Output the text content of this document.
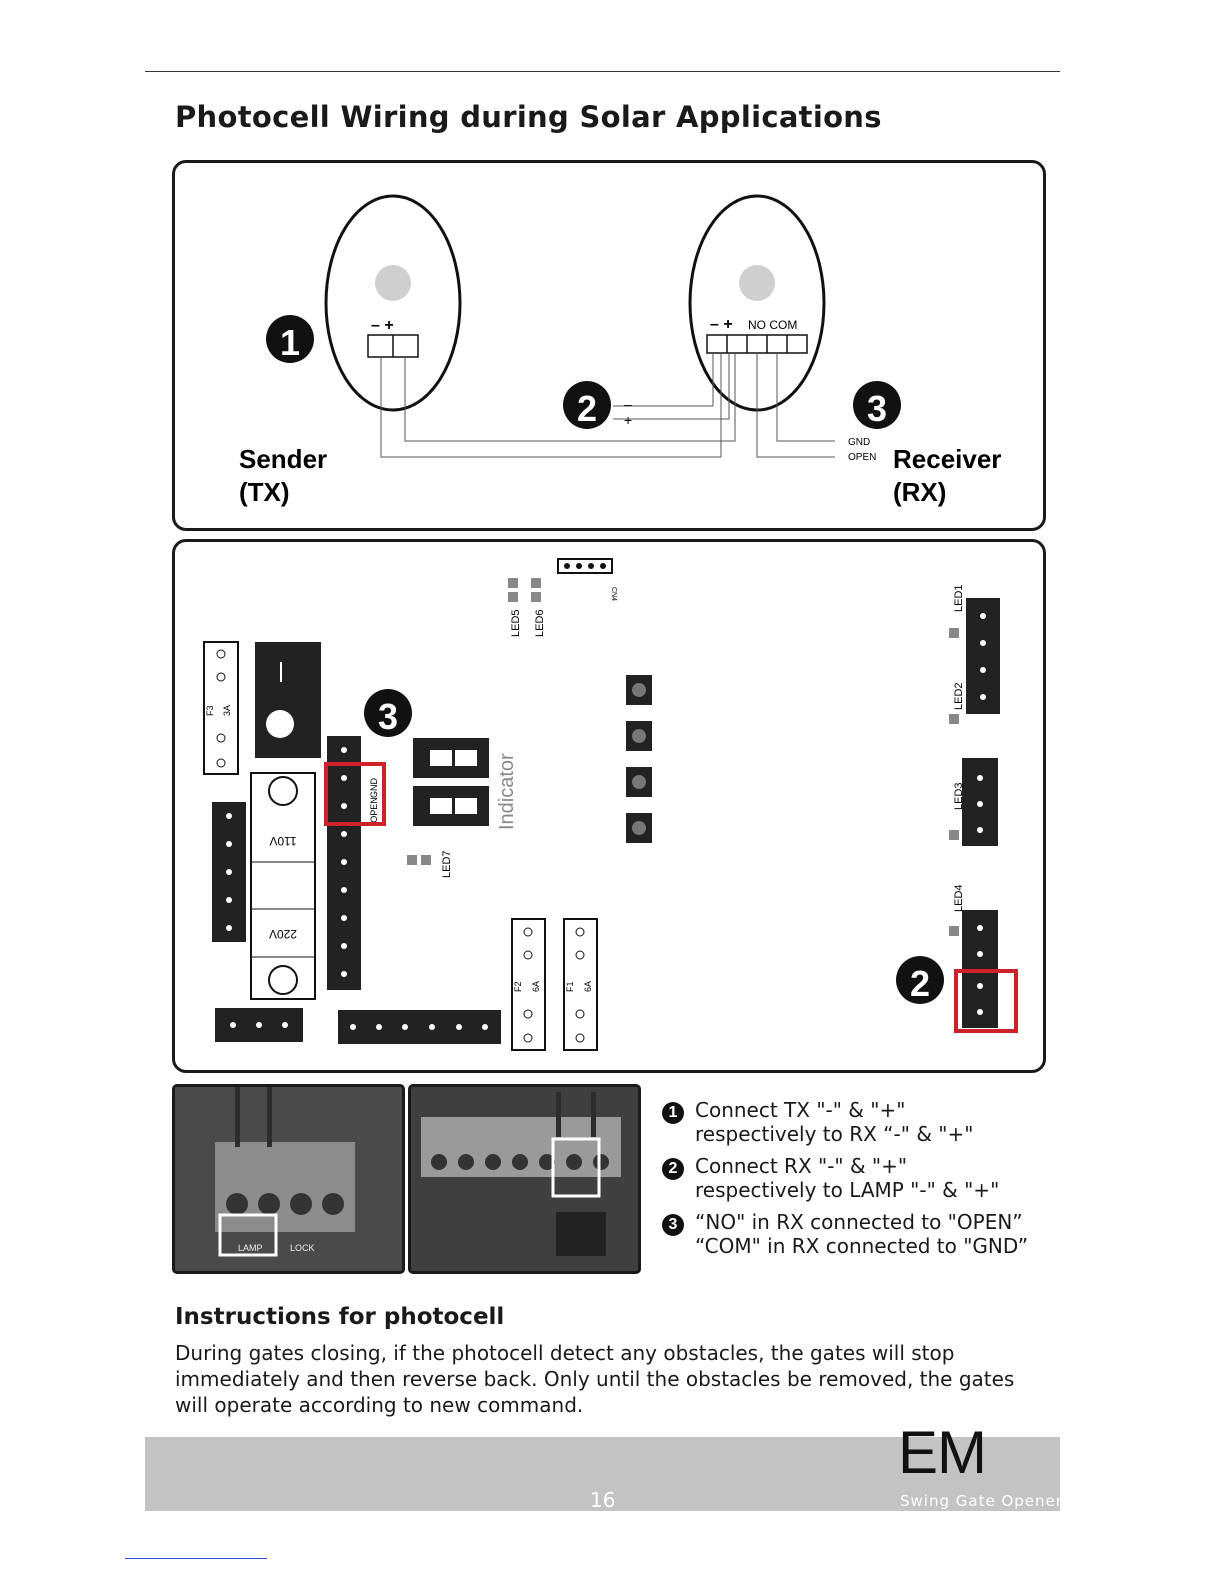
Photocell Wiring during Solar Applications
– +	– + NO COM
–
+
GND
OPEN
1
2	3
Sender
(TX)
Receiver
(RX)
CN4
LED5 LED6
F3 3A
110V
220V
GND
OPEN
3
Indicator
LED7
F2 6A	F1 6A
LED1
LED2
LED3
LED4
2
LAMP	LOCK
1 Connect TX "-" & "+"
respectively to RX “-" & "+"
2 Connect RX "-" & "+"
respectively to LAMP "-" & "+"
3 “NO" in RX connected to "OPEN”
“COM" in RX connected to "GND”
Instructions for photocell
During gates closing, if the photocell detect any obstacles, the gates will stop immediately and then reverse back. Only until the obstacles be removed, the gates will operate according to new command.
16
EM
Swing Gate Opener
